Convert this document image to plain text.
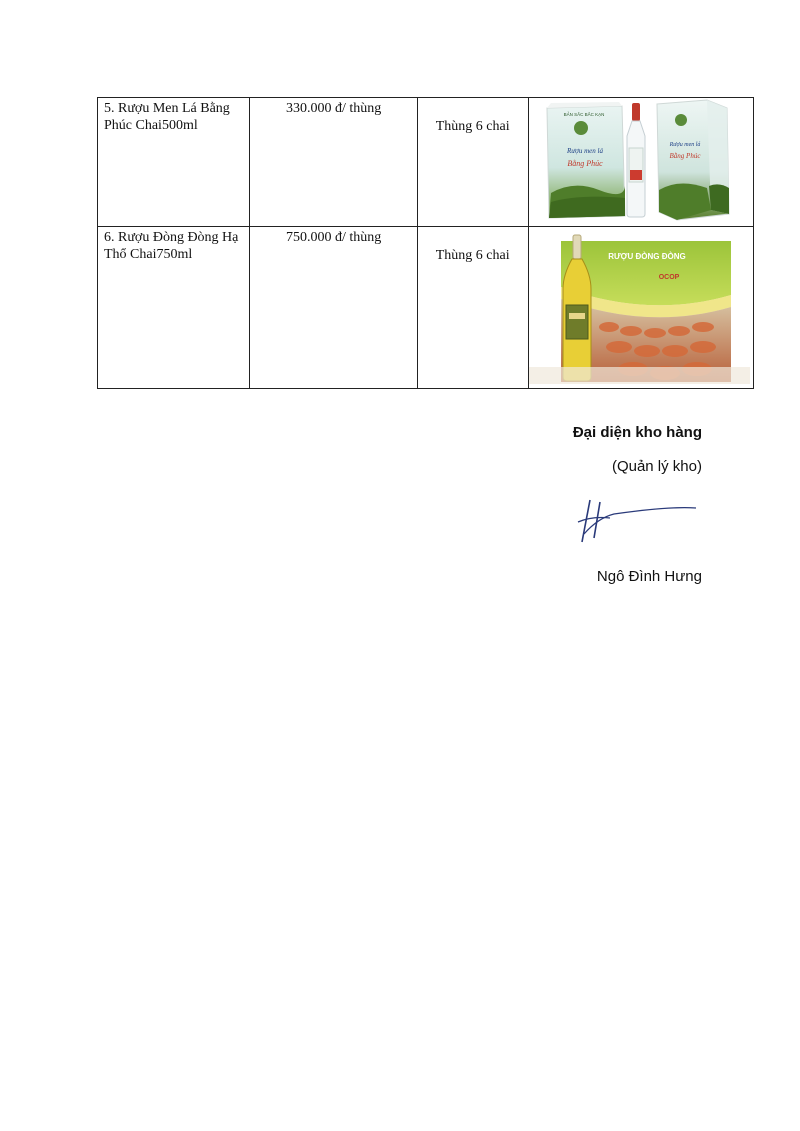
5. Rượu Men Lá Bằng Phúc Chai500ml	330.000 đ/ thùng	Thùng 6 chai	BẢN SẮC BẮC KẠN
Rượu men lá
Bằng Phúc
Rượu men lá
Bằng Phúc

6. Rượu Đòng Đòng Hạ Thổ Chai750ml	750.000 đ/ thùng	Thùng 6 chai	RƯỢU ĐÒNG ĐÒNG
OCOP
Đại diện kho hàng
(Quản lý kho)
Ngô Đình Hưng
